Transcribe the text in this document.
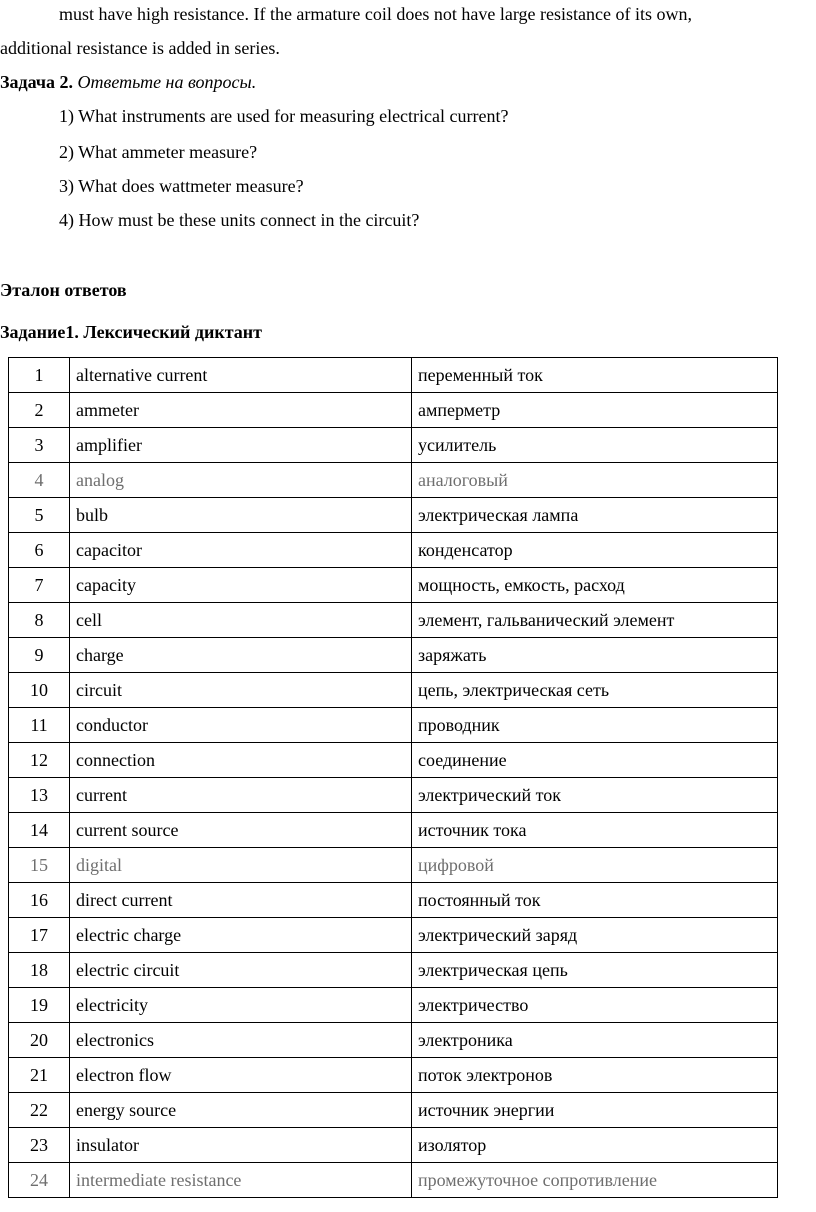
must have high resistance. If the armature coil does not have large resistance of its own,
additional resistance is added in series.
Задача 2. Ответьте на вопросы.
1) What instruments are used for measuring electrical current?
2) What ammeter measure?
3) What does wattmeter measure?
4) How must be these units connect in the circuit?
Эталон ответов
Задание1. Лексический диктант
1	alternative current	переменный ток
2	ammeter	амперметр
3	amplifier	усилитель
4	analog	аналоговый
5	bulb	электрическая лампа
6	capacitor	конденсатор
7	capacity	мощность, емкость, расход
8	cell	элемент, гальванический элемент
9	charge	заряжать
10	circuit	цепь, электрическая сеть
11	conductor	проводник
12	connection	соединение
13	current	электрический ток
14	current source	источник тока
15	digital	цифровой
16	direct current	постоянный ток
17	electric charge	электрический заряд
18	electric circuit	электрическая цепь
19	electricity	электричество
20	electronics	электроника
21	electron flow	поток электронов
22	energy source	источник энергии
23	insulator	изолятор
24	intermediate resistance	промежуточное сопротивление
